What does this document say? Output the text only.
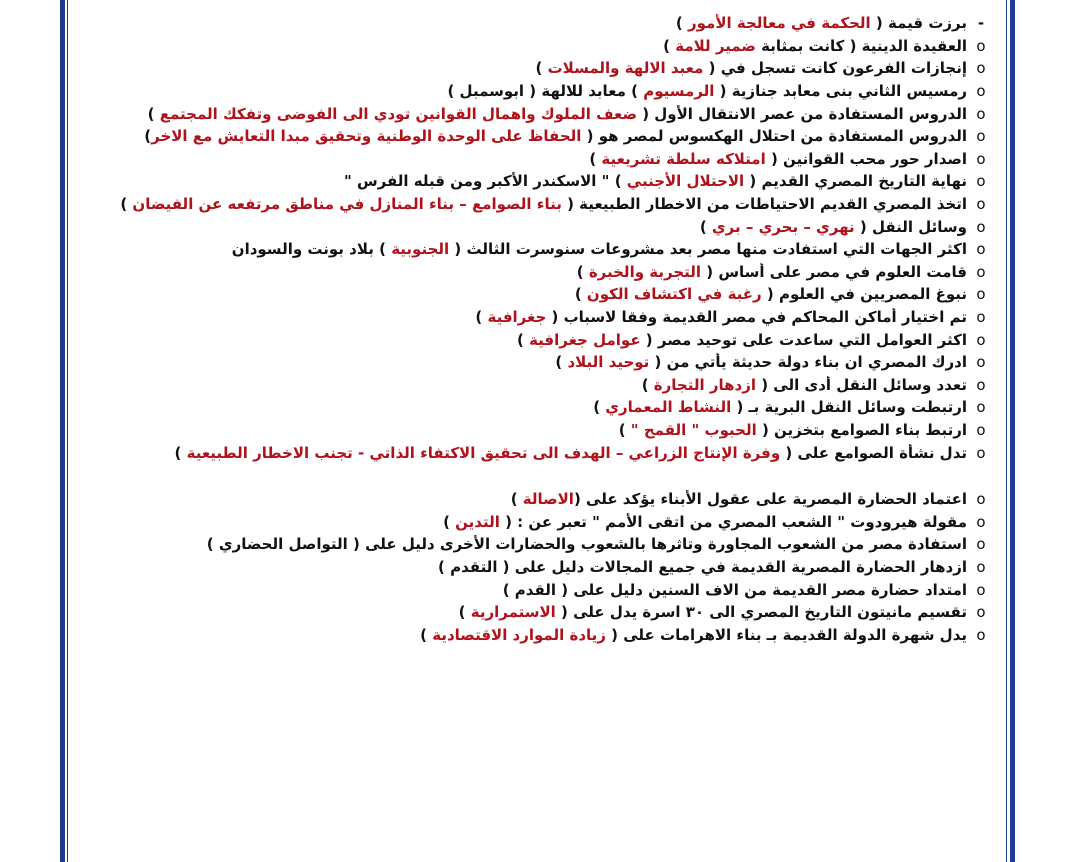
-
برزت قيمة ( الحكمة في معالجة الأمور )
o
العقيدة الدينية ( كانت بمثابة ضمير للامة )
o
إنجازات الفرعون كانت تسجل في ( معبد الالهة والمسلات )
o
رمسيس الثاني بنى معابد جنازية ( الرمسيوم ) معابد للالهة ( ابوسمبل )
o
الدروس المستفادة من عصر الانتقال الأول ( ضعف الملوك واهمال القوانين تودي الى الفوضى وتفكك المجتمع )
o
الدروس المستفادة من احتلال الهكسوس لمصر هو ( الحفاظ على الوحدة الوطنية وتحقيق مبدا التعايش مع الاخر)
o
اصدار حور محب القوانين ( امتلاكه سلطة تشريعية )
o
نهاية التاريخ المصري القديم ( الاحتلال الأجنبي ) " الاسكندر الأكبر ومن قبله الفرس "
o
اتخذ المصري القديم الاحتياطات من الاخطار الطبيعية ( بناء الصوامع – بناء المنازل في مناطق مرتفعه عن الفيضان )
o
وسائل النقل ( نهري – بحري – بري )
o
اكثر الجهات التي استفادت منها مصر بعد مشروعات سنوسرت الثالث ( الجنوبية ) بلاد بونت والسودان
o
قامت العلوم في مصر على أساس ( التجربة والخبرة )
o
نبوغ المصريين في العلوم ( رغبة في اكتشاف الكون )
o
تم اختيار أماكن المحاكم في مصر القديمة وفقا لاسباب ( جغرافية )
o
اكثر العوامل التي ساعدت على توحيد مصر ( عوامل جغرافية )
o
ادرك المصري ان بناء دولة حديثة يأتي من ( توحيد البلاد )
o
تعدد وسائل النقل أدى الى ( ازدهار التجارة )
o
ارتبطت وسائل النقل البرية بـ ( النشاط المعماري )
o
ارتبط بناء الصوامع بتخزين ( الحبوب " القمح " )
o
تدل نشأة الصوامع على ( وفرة الإنتاج الزراعي – الهدف الى تحقيق الاكتفاء الذاتي - تجنب الاخطار الطبيعية )
o
اعتماد الحضارة المصرية على عقول الأبناء يؤكد على (الاصالة )
o
مقولة هيرودوت " الشعب المصري من اتقى الأمم " تعبر عن : ( التدين )
o
استفادة مصر من الشعوب المجاورة وتاثرها بالشعوب والحضارات الأخرى دليل على ( التواصل الحضاري )
o
ازدهار الحضارة المصرية القديمة في جميع المجالات دليل على ( التقدم )
o
امتداد حضارة مصر القديمة من الاف السنين دليل على ( القدم )
o
تقسيم مانيتون التاريخ المصري الى ٣٠ اسرة يدل على ( الاستمرارية )
o
يدل شهرة الدولة القديمة بـ بناء الاهرامات على ( زيادة الموارد الاقتصادية )
